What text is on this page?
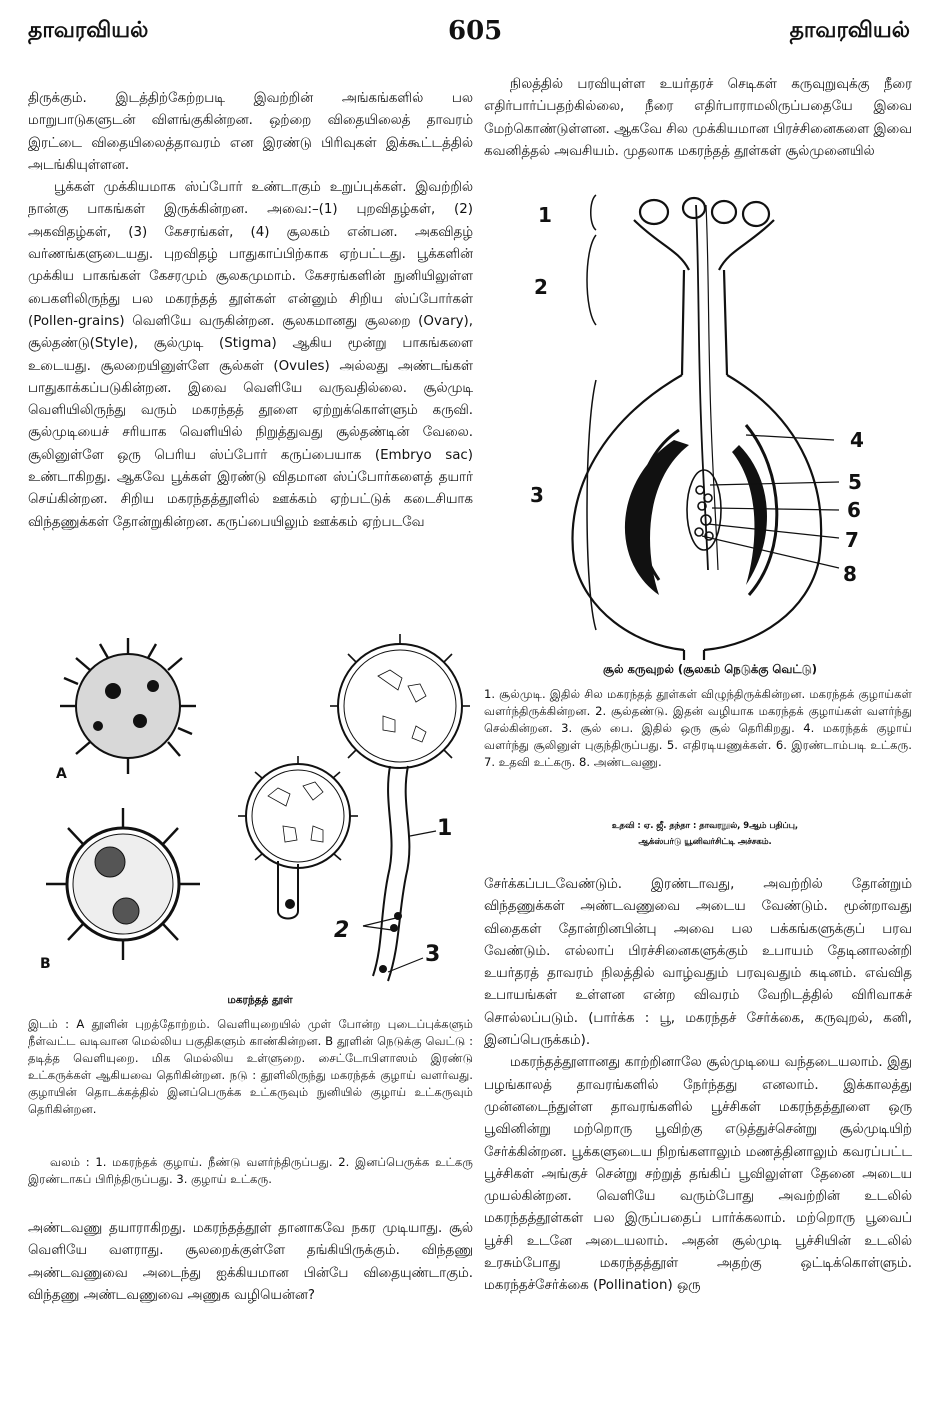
தாவரவியல்	605	தாவரவியல்

திருக்கும். இடத்திற்கேற்றபடி இவற்றின் அங்கங்களில் பல மாறுபாடுகளுடன் விளங்குகின்றன. ஒற்றை விதையிலைத் தாவரம் இரட்டை விதையிலைத்தாவரம் என இரண்டு பிரிவுகள் இக்கூட்டத்தில் அடங்கியுள்ளன.

பூக்கள் முக்கியமாக ஸ்ப்போர் உண்டாகும் உறுப்புக்கள். இவற்றில் நான்கு பாகங்கள் இருக்கின்றன. அவை:–(1) புறவிதழ்கள், (2) அகவிதழ்கள், (3) கேசரங்கள், (4) சூலகம் என்பன. அகவிதழ் வர்ணங்களுடையது. புறவிதழ் பாதுகாப்பிற்காக ஏற்பட்டது. பூக்களின் முக்கிய பாகங்கள் கேசரமும் சூலகமுமாம். கேசரங்களின் நுனியிலுள்ள பைகளிலிருந்து பல மகரந்தத் தூள்கள் என்னும் சிறிய ஸ்ப்போர்கள் (Pollen-grains) வெளியே வருகின்றன. சூலகமானது சூலறை (Ovary), சூல்தண்டு(Style), சூல்முடி (Stigma) ஆகிய மூன்று பாகங்களை உடையது. சூலறையினுள்ளே சூல்கள் (Ovules) அல்லது அண்டங்கள் பாதுகாக்கப்படுகின்றன. இவை வெளியே வருவதில்லை. சூல்முடி வெளியிலிருந்து வரும் மகரந்தத் தூளை ஏற்றுக்கொள்ளும் கருவி. சூல்முடியைச் சரியாக வெளியில் நிறுத்துவது சூல்தண்டின் வேலை. சூலினுள்ளே ஒரு பெரிய ஸ்ப்போர் கருப்பையாக (Embryo sac) உண்டாகிறது. ஆகவே பூக்கள் இரண்டு விதமான ஸ்ப்போர்களைத் தயார் செய்கின்றன. சிறிய மகரந்தத்தூளில் ஊக்கம் ஏற்பட்டுக் கடைசியாக விந்தணுக்கள் தோன்றுகின்றன. கருப்பையிலும் ஊக்கம் ஏற்படவே

நிலத்தில் பரவியுள்ள உயர்தரச் செடிகள் கருவுறுவுக்கு நீரை எதிர்பார்ப்பதற்கில்லை, நீரை எதிர்பாராமலிருப்பதையே இவை மேற்கொண்டுள்ளன. ஆகவே சில முக்கியமான பிரச்சினைகளை இவை கவனித்தல் அவசியம். முதலாக மகரந்தத் தூள்கள் சூல்முனையில்

1
2
3
4
5
6
7
8
சூல் கருவுறல் (சூலகம் நெடுக்கு வெட்டு)
1. சூல்முடி. இதில் சில மகரந்தத் தூள்கள் விழுந்திருக்கின்றன. மகரந்தக் குழாய்கள் வளர்ந்திருக்கின்றன. 2. சூல்தண்டு. இதன் வழியாக மகரந்தக் குழாய்கள் வளர்ந்து செல்கின்றன. 3. சூல் பை. இதில் ஒரு சூல் தெரிகிறது. 4. மகரந்தக் குழாய் வளர்ந்து சூலினுள் புகுந்திருப்பது. 5. எதிரடியணுக்கள். 6. இரண்டாம்படி உட்கரு. 7. உதவி உட்கரு. 8. அண்டவணு.
உதவி : ஏ. ஜீ. தந்தா : தாவரநூல், 9ஆம் பதிப்பு,
ஆக்ஸ்பர்டு யூனிவர்சிட்டி அச்சகம்.
A
B
1
2
3
மகரந்தத் தூள்
இடம் : A தூளின் புறத்தோற்றம். வெளியுறையில் முள் போன்ற புடைப்புக்களும் நீள்வட்ட வடிவான மெல்லிய பகுதிகளும் காண்கின்றன. B தூளின் நெடுக்கு வெட்டு : தடித்த வெளியுறை. மிக மெல்லிய உள்ளுறை. சைட்டோபிளாஸம் இரண்டு உட்கருக்கள் ஆகியவை தெரிகின்றன. நடு : தூளிலிருந்து மகரந்தக் குழாய் வளர்வது. குழாயின் தொடக்கத்தில் இனப்பெருக்க உட்கருவும் நுனியில் குழாய் உட்கருவும் தெரிகின்றன.
வலம் : 1. மகரந்தக் குழாய். நீண்டு வளர்ந்திருப்பது. 2. இனப்பெருக்க உட்கரு இரண்டாகப் பிரிந்திருப்பது. 3. குழாய் உட்கரு.

அண்டவணு தயாராகிறது. மகரந்தத்தூள் தானாகவே நகர முடியாது. சூல் வெளியே வளராது. சூலறைக்குள்ளே தங்கியிருக்கும். விந்தணு அண்டவணுவை அடைந்து ஐக்கியமான பின்பே விதையுண்டாகும். விந்தணு அண்டவணுவை அணுக வழியென்ன?

சேர்க்கப்படவேண்டும். இரண்டாவது, அவற்றில் தோன்றும் விந்தணுக்கள் அண்டவணுவை அடைய வேண்டும். மூன்றாவது விதைகள் தோன்றினபின்பு அவை பல பக்கங்களுக்குப் பரவ வேண்டும். எல்லாப் பிரச்சினைகளுக்கும் உபாயம் தேடினாலன்றி உயர்தரத் தாவரம் நிலத்தில் வாழ்வதும் பரவுவதும் கடினம். எவ்வித உபாயங்கள் உள்ளன என்ற விவரம் வேறிடத்தில் விரிவாகச் சொல்லப்படும். (பார்க்க : பூ, மகரந்தச் சேர்க்கை, கருவுறல், கனி, இனப்பெருக்கம்).

மகரந்தத்தூளானது காற்றினாலே சூல்முடியை வந்தடையலாம். இது பழங்காலத் தாவரங்களில் நேர்ந்தது எனலாம். இக்காலத்து முன்னடைந்துள்ள தாவரங்களில் பூச்சிகள் மகரந்தத்தூளை ஒரு பூவினின்று மற்றொரு பூவிற்கு எடுத்துச்சென்று சூல்முடியிற் சேர்க்கின்றன. பூக்களுடைய நிறங்களாலும் மணத்தினாலும் கவரப்பட்ட பூச்சிகள் அங்குச் சென்று சற்றுத் தங்கிப் பூவிலுள்ள தேனை அடைய முயல்கின்றன. வெளியே வரும்போது அவற்றின் உடலில் மகரந்தத்தூள்கள் பல இருப்பதைப் பார்க்கலாம். மற்றொரு பூவைப் பூச்சி உடனே அடையலாம். அதன் சூல்முடி பூச்சியின் உடலில் உரசும்போது மகரந்தத்தூள் அதற்கு ஒட்டிக்கொள்ளும். மகரந்தச்சேர்க்கை (Pollination) ஒரு
